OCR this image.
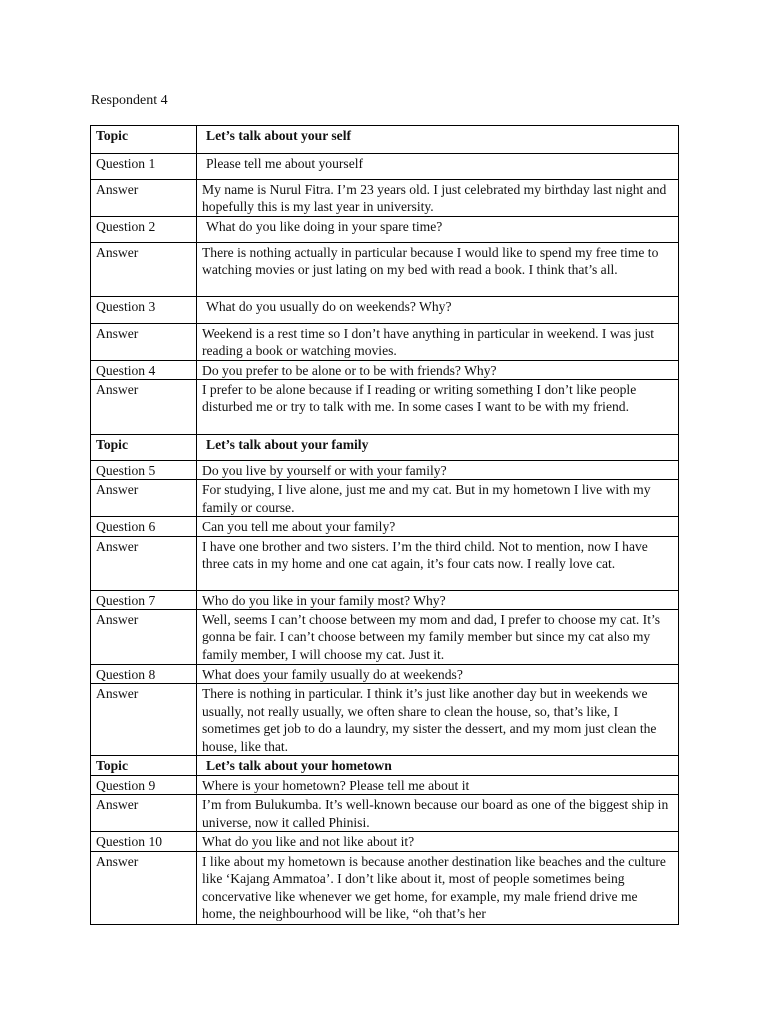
Respondent 4
Topic	Let’s talk about your self
Question 1	Please tell me about yourself
Answer	My name is Nurul Fitra. I’m 23 years old. I just celebrated my birthday last night and hopefully this is my last year in university.
Question 2	What do you like doing in your spare time?
Answer	There is nothing actually in particular because I would like to spend my free time to watching movies or just lating on my bed with read a book. I think that’s all.
Question 3	What do you usually do on weekends? Why?
Answer	Weekend is a rest time so I don’t have anything in particular in weekend. I was just reading a book or watching movies.
Question 4	Do you prefer to be alone or to be with friends? Why?
Answer	I prefer to be alone because if I reading or writing something I don’t like people disturbed me or try to talk with me. In some cases I want to be with my friend.
Topic	Let’s talk about your family
Question 5	Do you live by yourself or with your family?
Answer	For studying, I live alone, just me and my cat. But in my hometown I live with my family or course.
Question 6	Can you tell me about your family?
Answer	I have one brother and two sisters. I’m the third child. Not to mention, now I have three cats in my home and one cat again, it’s four cats now. I really love cat.
Question 7	Who do you like in your family most? Why?
Answer	Well, seems I can’t choose between my mom and dad, I prefer to choose my cat. It’s gonna be fair. I can’t choose between my family member but since my cat also my family member, I will choose my cat. Just it.
Question 8	What does your family usually do at weekends?
Answer	There is nothing in particular. I think it’s just like another day but in weekends we usually, not really usually, we often share to clean the house, so, that’s like, I sometimes get job to do a laundry, my sister the dessert, and my mom just clean the house, like that.
Topic	Let’s talk about your hometown
Question 9	Where is your hometown? Please tell me about it
Answer	I’m from Bulukumba. It’s well-known because our board as one of the biggest ship in universe, now it called Phinisi.
Question 10	What do you like and not like about it?
Answer	I like about my hometown is because another destination like beaches and the culture like ‘Kajang Ammatoa’. I don’t like about it, most of people sometimes being concervative like whenever we get home, for example, my male friend drive me home, the neighbourhood will be like, “oh that’s her
